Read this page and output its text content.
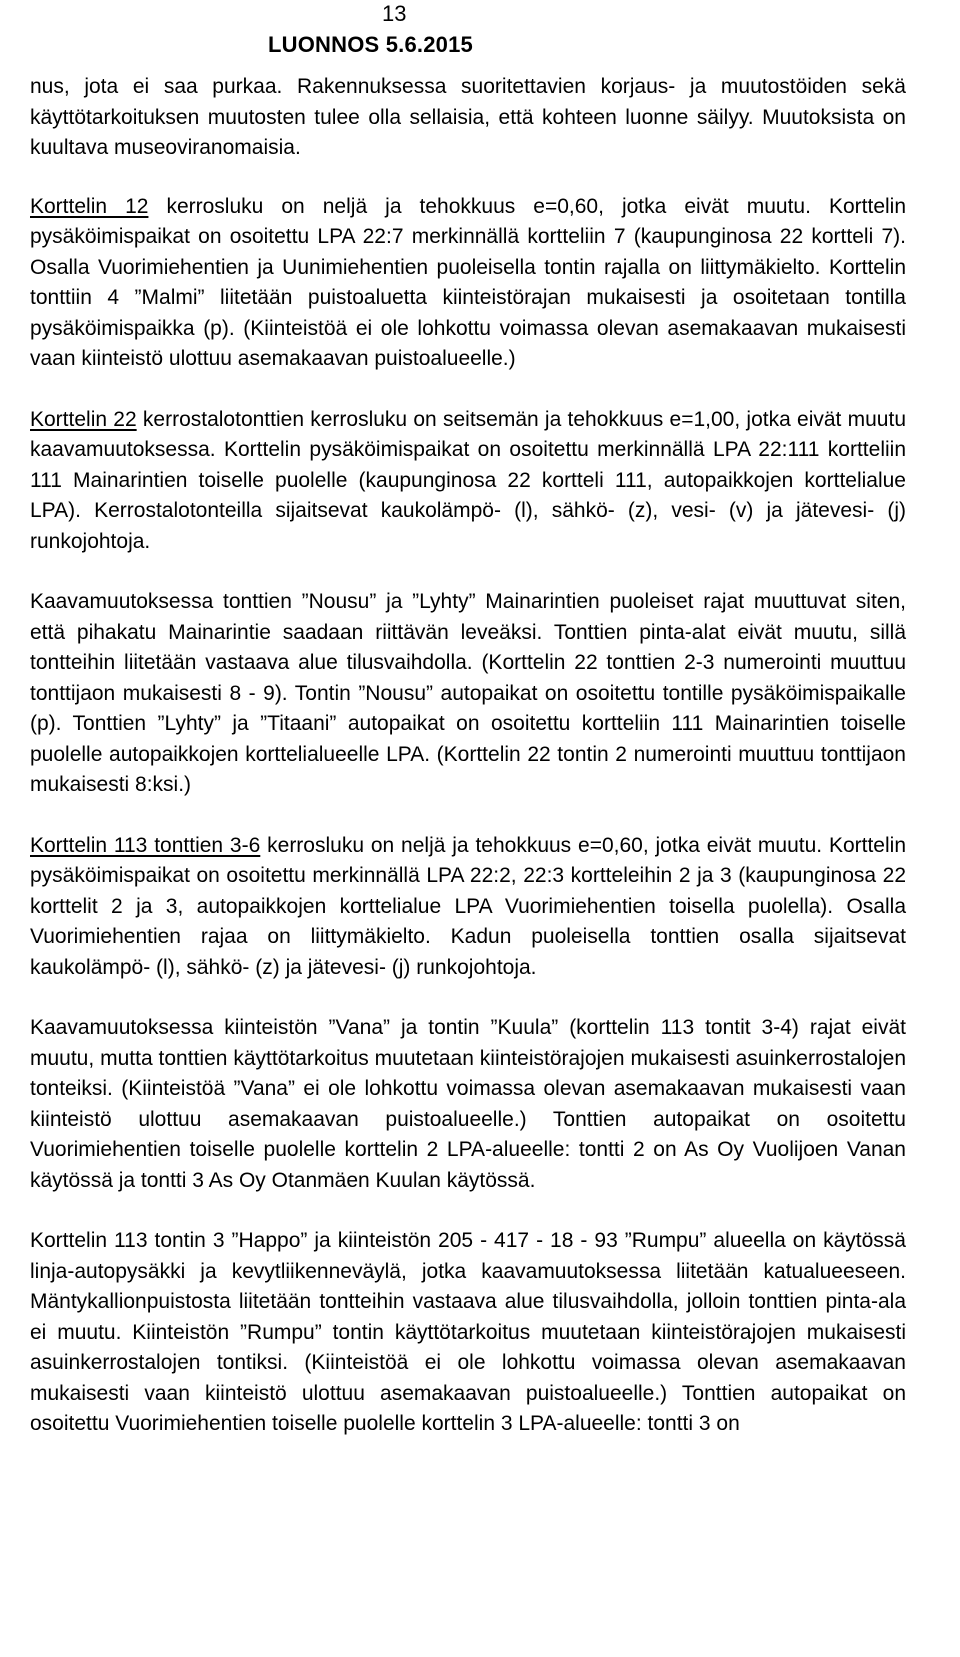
13
LUONNOS 5.6.2015

nus, jota ei saa purkaa. Rakennuksessa suoritettavien korjaus- ja muutostöiden sekä käyttötarkoituksen muutosten tulee olla sellaisia, että kohteen luonne säilyy. Muutoksista on kuultava museoviranomaisia.

Korttelin 12 kerrosluku on neljä ja tehokkuus e=0,60, jotka eivät muutu. Korttelin pysäköimispaikat on osoitettu LPA 22:7 merkinnällä kortteliin 7 (kaupunginosa 22 kortteli 7). Osalla Vuorimiehentien ja Uunimiehentien puoleisella tontin rajalla on liittymäkielto. Korttelin tonttiin 4 ”Malmi” liitetään puistoaluetta kiinteistörajan mukaisesti ja osoitetaan tontilla pysäköimispaikka (p). (Kiinteistöä ei ole lohkottu voimassa olevan asemakaavan mukaisesti vaan kiinteistö ulottuu asemakaavan puistoalueelle.)

Korttelin 22 kerrostalotonttien kerrosluku on seitsemän ja tehokkuus e=1,00, jotka eivät muutu kaavamuutoksessa. Korttelin pysäköimispaikat on osoitettu merkinnällä LPA 22:111 kortteliin 111 Mainarintien toiselle puolelle (kaupunginosa 22 kortteli 111, autopaikkojen korttelialue LPA). Kerrostalotonteilla sijaitsevat kaukolämpö- (l), sähkö- (z), vesi- (v) ja jätevesi- (j) runkojohtoja.

Kaavamuutoksessa tonttien ”Nousu” ja ”Lyhty” Mainarintien puoleiset rajat muuttuvat siten, että pihakatu Mainarintie saadaan riittävän leveäksi. Tonttien pinta-alat eivät muutu, sillä tontteihin liitetään vastaava alue tilusvaihdolla. (Korttelin 22 tonttien 2-3 numerointi muuttuu tonttijaon mukaisesti 8 - 9). Tontin ”Nousu” autopaikat on osoitettu tontille pysäköimispaikalle (p). Tonttien ”Lyhty” ja ”Titaani” autopaikat on osoitettu kortteliin 111 Mainarintien toiselle puolelle autopaikkojen korttelialueelle LPA. (Korttelin 22 tontin 2 numerointi muuttuu tonttijaon mukaisesti 8:ksi.)

Korttelin 113 tonttien 3-6 kerrosluku on neljä ja tehokkuus e=0,60, jotka eivät muutu. Korttelin pysäköimispaikat on osoitettu merkinnällä LPA 22:2, 22:3 kortteleihin 2 ja 3 (kaupunginosa 22 korttelit 2 ja 3, autopaikkojen korttelialue LPA Vuorimiehentien toisella puolella). Osalla Vuorimiehentien rajaa on liittymäkielto. Kadun puoleisella tonttien osalla sijaitsevat kaukolämpö- (l), sähkö- (z) ja jätevesi- (j) runkojohtoja.

Kaavamuutoksessa kiinteistön ”Vana” ja tontin ”Kuula” (korttelin 113 tontit 3-4) rajat eivät muutu, mutta tonttien käyttötarkoitus muutetaan kiinteistörajojen mukaisesti asuinkerrostalojen tonteiksi. (Kiinteistöä ”Vana” ei ole lohkottu voimassa olevan asemakaavan mukaisesti vaan kiinteistö ulottuu asemakaavan puistoalueelle.) Tonttien autopaikat on osoitettu Vuorimiehentien toiselle puolelle korttelin 2 LPA-alueelle: tontti 2 on As Oy Vuolijoen Vanan käytössä ja tontti 3 As Oy Otanmäen Kuulan käytössä.

Korttelin 113 tontin 3 ”Happo” ja kiinteistön 205 - 417 - 18 - 93 ”Rumpu” alueella on käytössä linja-autopysäkki ja kevytliikenneväylä, jotka kaavamuutoksessa liitetään katualueeseen. Mäntykallionpuistosta liitetään tontteihin vastaava alue tilusvaihdolla, jolloin tonttien pinta-ala ei muutu. Kiinteistön ”Rumpu” tontin käyttötarkoitus muutetaan kiinteistörajojen mukaisesti asuinkerrostalojen tontiksi. (Kiinteistöä ei ole lohkottu voimassa olevan asemakaavan mukaisesti vaan kiinteistö ulottuu asemakaavan puistoalueelle.) Tonttien autopaikat on osoitettu Vuorimiehentien toiselle puolelle korttelin 3 LPA-alueelle: tontti 3 on
